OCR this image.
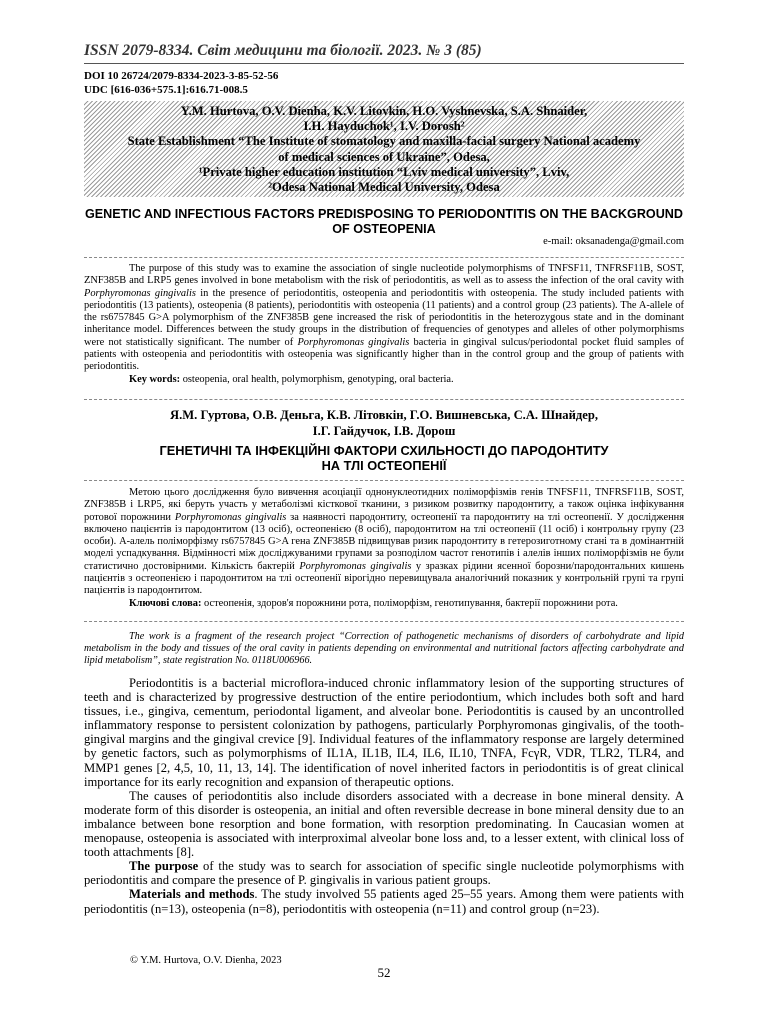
ISSN 2079-8334. Світ медицини та біології. 2023. № 3 (85)
DOI 10 26724/2079-8334-2023-3-85-52-56
UDC [616-036+575.1]:616.71-008.5
Y.M. Hurtova, O.V. Dienha, K.V. Litovkin, H.O. Vyshnevska, S.A. Shnaider,
I.H. Hayduchok¹, I.V. Dorosh²
State Establishment “The Institute of stomatology and maxilla-facial surgery National academy
of medical sciences of Ukraine”, Odesa,
¹Private higher education institution “Lviv medical university”, Lviv,
²Odesa National Medical University, Odesa
GENETIC AND INFECTIOUS FACTORS PREDISPOSING TO PERIODONTITIS ON THE BACKGROUND OF OSTEOPENIA
e-mail: oksanadenga@gmail.com

The purpose of this study was to examine the association of single nucleotide polymorphisms of TNFSF11, TNFRSF11B, SOST, ZNF385B and LRP5 genes involved in bone metabolism with the risk of periodontitis, as well as to assess the infection of the oral cavity with Porphyromonas gingivalis in the presence of periodontitis, osteopenia and periodontitis with osteopenia. The study included patients with periodontitis (13 patients), osteopenia (8 patients), periodontitis with osteopenia (11 patients) and a control group (23 patients). The A-allele of the rs6757845 G>A polymorphism of the ZNF385B gene increased the risk of periodontitis in the heterozygous state and in the dominant inheritance model. Differences between the study groups in the distribution of frequencies of genotypes and alleles of other polymorphisms were not statistically significant. The number of Porphyromonas gingivalis bacteria in gingival sulcus/periodontal pocket fluid samples of patients with osteopenia and periodontitis with osteopenia was significantly higher than in the control group and the group of patients with periodontitis.

Key words: osteopenia, oral health, polymorphism, genotyping, oral bacteria.

Я.М. Гуртова, О.В. Деньга, К.В. Літовкін, Г.О. Вишневська, С.А. Шнайдер,
І.Г. Гайдучок, І.В. Дорош
ГЕНЕТИЧНІ ТА ІНФЕКЦІЙНІ ФАКТОРИ СХИЛЬНОСТІ ДО ПАРОДОНТИТУ
НА ТЛІ ОСТЕОПЕНІЇ

Метою цього дослідження було вивчення асоціації однонуклеотидних поліморфізмів генів TNFSF11, TNFRSF11B, SOST, ZNF385B і LRP5, які беруть участь у метаболізмі кісткової тканини, з ризиком розвитку пародонтиту, а також оцінка інфікування ротової порожнини Porphyromonas gingivalis за наявності пародонтиту, остеопенії та пародонтиту на тлі остеопенії. У дослідження включено пацієнтів із пародонтитом (13 осіб), остеопенією (8 осіб), пародонтитом на тлі остеопенії (11 осіб) і контрольну групу (23 особи). А-алель поліморфізму rs6757845 G>A гена ZNF385B підвищував ризик пародонтиту в гетерозиготному стані та в домінантній моделі успадкування. Відмінності між досліджуваними групами за розподілом частот генотипів і алелів інших поліморфізмів не були статистично достовірними. Кількість бактерій Porphyromonas gingivalis у зразках рідини ясенної борозни/пародонтальних кишень пацієнтів з остеопенією і пародонтитом на тлі остеопенії вірогідно перевищувала аналогічний показник у контрольній групі та групі пацієнтів із пародонтитом.

Ключові слова: остеопенія, здоров'я порожнини рота, поліморфізм, генотипування, бактерії порожнини рота.

The work is a fragment of the research project “Correction of pathogenetic mechanisms of disorders of carbohydrate and lipid metabolism in the body and tissues of the oral cavity in patients depending on environmental and nutritional factors affecting carbohydrate and lipid metabolism”, state registration No. 0118U006966.

Periodontitis is a bacterial microflora-induced chronic inflammatory lesion of the supporting structures of teeth and is characterized by progressive destruction of the entire periodontium, which includes both soft and hard tissues, i.e., gingiva, cementum, periodontal ligament, and alveolar bone. Periodontitis is caused by an uncontrolled inflammatory response to persistent colonization by pathogens, particularly Porphyromonas gingivalis, of the tooth-gingival margins and the gingival crevice [9]. Individual features of the inflammatory response are largely determined by genetic factors, such as polymorphisms of IL1A, IL1B, IL4, IL6, IL10, TNFA, FcγR, VDR, TLR2, TLR4, and MMP1 genes [2, 4,5, 10, 11, 13, 14]. The identification of novel inherited factors in periodontitis is of great clinical importance for its early recognition and expansion of therapeutic options.

The causes of periodontitis also include disorders associated with a decrease in bone mineral density. A moderate form of this disorder is osteopenia, an initial and often reversible decrease in bone mineral density due to an imbalance between bone resorption and bone formation, with resorption predominating. In Caucasian women at menopause, osteopenia is associated with interproximal alveolar bone loss and, to a lesser extent, with clinical loss of tooth attachments [8].

The purpose of the study was to search for association of specific single nucleotide polymorphisms with periodontitis and compare the presence of P. gingivalis in various patient groups.

Materials and methods. The study involved 55 patients aged 25–55 years. Among them were patients with periodontitis (n=13), osteopenia (n=8), periodontitis with osteopenia (n=11) and control group (n=23).

© Y.M. Hurtova, O.V. Dienha, 2023
52
